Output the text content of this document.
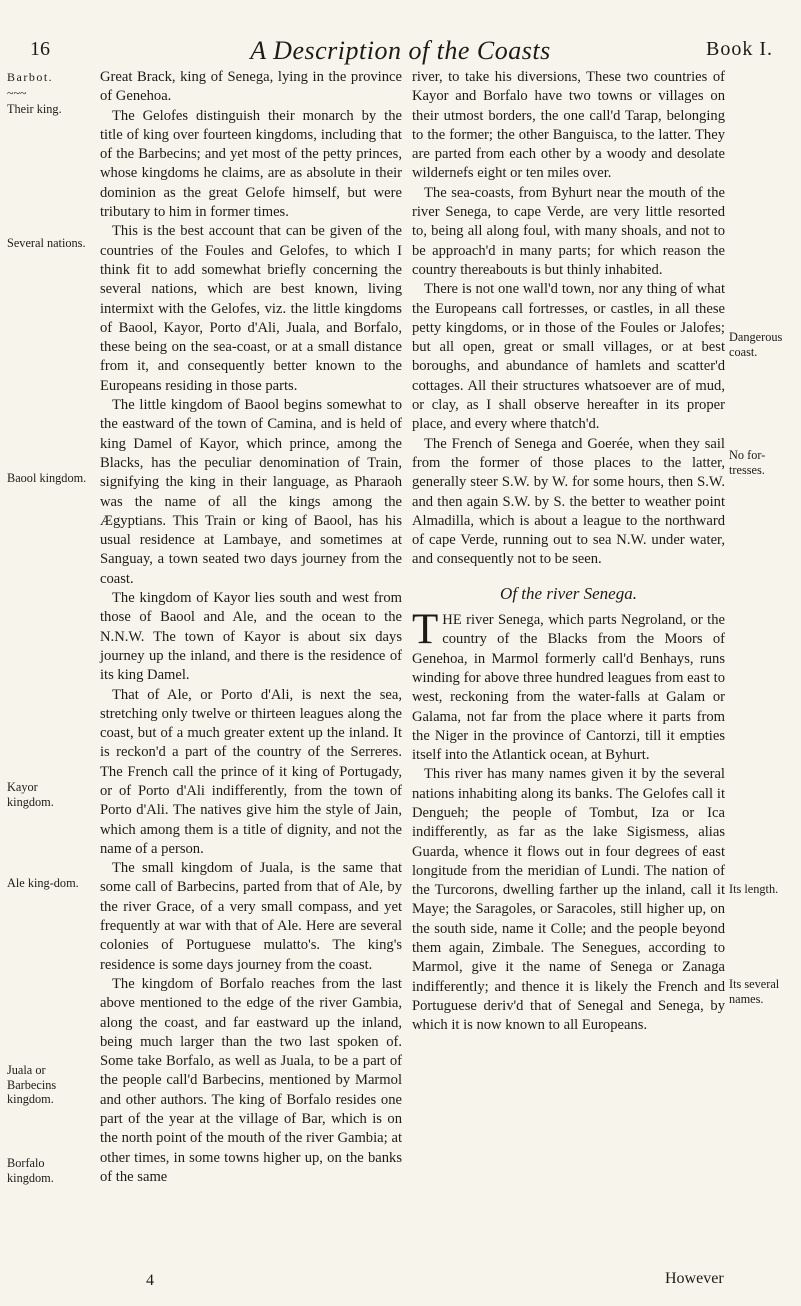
16	A Description of the Coasts	Book I.
Barbot.
~~~
Their king.
Several nations.
Baool kingdom.
Kayor kingdom.
Ale king-dom.
Juala or Barbecins kingdom.
Borfalo kingdom.
Dangerous coast.
No for-tresses.
Its length.
Its several names.

Great Brack, king of Senega, lying in the province of Genehoa.

The Gelofes distinguish their monarch by the title of king over fourteen kingdoms, including that of the Barbecins; and yet most of the petty princes, whose kingdoms he claims, are as absolute in their dominion as the great Gelofe himself, but were tributary to him in former times.

This is the best account that can be given of the countries of the Foules and Gelofes, to which I think fit to add somewhat briefly concerning the several nations, which are best known, living intermixt with the Gelofes, viz. the little kingdoms of Baool, Kayor, Porto d'Ali, Juala, and Borfalo, these being on the sea-coast, or at a small distance from it, and consequently better known to the Europeans residing in those parts.

The little kingdom of Baool begins somewhat to the eastward of the town of Camina, and is held of king Damel of Kayor, which prince, among the Blacks, has the peculiar denomination of Train, signifying the king in their language, as Pharaoh was the name of all the kings among the Ægyptians. This Train or king of Baool, has his usual residence at Lambaye, and sometimes at Sanguay, a town seated two days journey from the coast.

The kingdom of Kayor lies south and west from those of Baool and Ale, and the ocean to the N.N.W. The town of Kayor is about six days journey up the inland, and there is the residence of its king Damel.

That of Ale, or Porto d'Ali, is next the sea, stretching only twelve or thirteen leagues along the coast, but of a much greater extent up the inland. It is reckon'd a part of the country of the Serreres. The French call the prince of it king of Portugady, or of Porto d'Ali indifferently, from the town of Porto d'Ali. The natives give him the style of Jain, which among them is a title of dignity, and not the name of a person.

The small kingdom of Juala, is the same that some call of Barbecins, parted from that of Ale, by the river Grace, of a very small compass, and yet frequently at war with that of Ale. Here are several colonies of Portuguese mulatto's. The king's residence is some days journey from the coast.

The kingdom of Borfalo reaches from the last above mentioned to the edge of the river Gambia, along the coast, and far eastward up the inland, being much larger than the two last spoken of. Some take Borfalo, as well as Juala, to be a part of the people call'd Barbecins, mentioned by Marmol and other authors. The king of Borfalo resides one part of the year at the village of Bar, which is on the north point of the mouth of the river Gambia; at other times, in some towns higher up, on the banks of the same

river, to take his diversions, These two countries of Kayor and Borfalo have two towns or villages on their utmost borders, the one call'd Tarap, belonging to the former; the other Banguisca, to the latter. They are parted from each other by a woody and desolate wildernefs eight or ten miles over.

The sea-coasts, from Byhurt near the mouth of the river Senega, to cape Verde, are very little resorted to, being all along foul, with many shoals, and not to be approach'd in many parts; for which reason the country thereabouts is but thinly inhabited.

There is not one wall'd town, nor any thing of what the Europeans call fortresses, or castles, in all these petty kingdoms, or in those of the Foules or Jalofes; but all open, great or small villages, or at best boroughs, and abundance of hamlets and scatter'd cottages. All their structures whatsoever are of mud, or clay, as I shall observe hereafter in its proper place, and every where thatch'd.

The French of Senega and Goerée, when they sail from the former of those places to the latter, generally steer S.W. by W. for some hours, then S.W. and then again S.W. by S. the better to weather point Almadilla, which is about a league to the northward of cape Verde, running out to sea N.W. under water, and consequently not to be seen.

Of the river Senega.

THE river Senega, which parts Negroland, or the country of the Blacks from the Moors of Genehoa, in Marmol formerly call'd Benhays, runs winding for above three hundred leagues from east to west, reckoning from the water-falls at Galam or Galama, not far from the place where it parts from the Niger in the province of Cantorzi, till it empties itself into the Atlantick ocean, at Byhurt.

This river has many names given it by the several nations inhabiting along its banks. The Gelofes call it Dengueh; the people of Tombut, Iza or Ica indifferently, as far as the lake Sigismess, alias Guarda, whence it flows out in four degrees of east longitude from the meridian of Lundi. The nation of the Turcorons, dwelling farther up the inland, call it Maye; the Saragoles, or Saracoles, still higher up, on the south side, name it Colle; and the people beyond them again, Zimbale. The Senegues, according to Marmol, give it the name of Senega or Zanaga indifferently; and thence it is likely the French and Portuguese deriv'd that of Senegal and Senega, by which it is now known to all Europeans.

4	However
